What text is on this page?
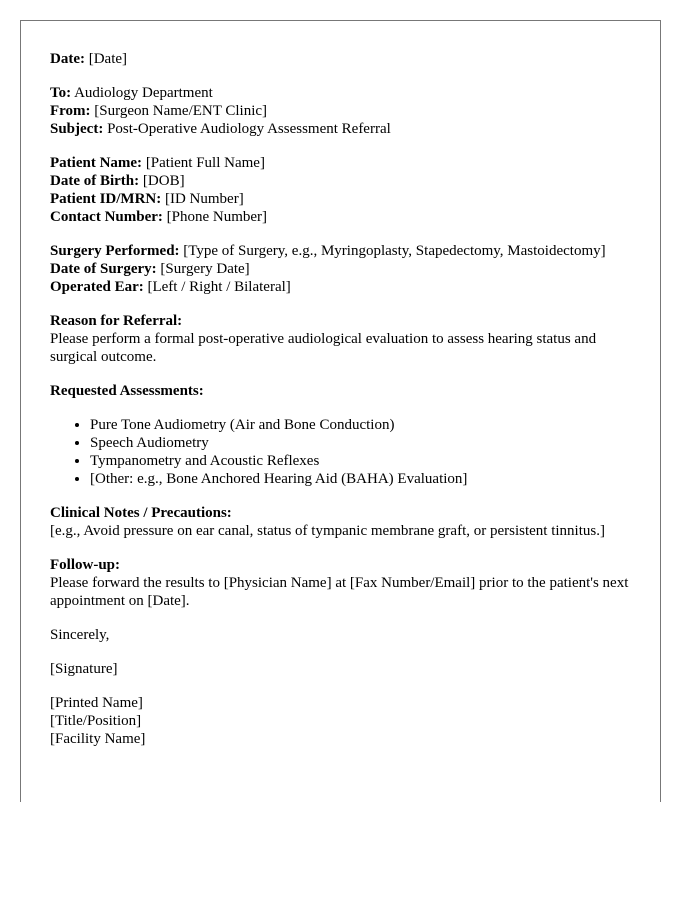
Date: [Date]
To: Audiology Department
From: [Surgeon Name/ENT Clinic]
Subject: Post-Operative Audiology Assessment Referral
Patient Name: [Patient Full Name]
Date of Birth: [DOB]
Patient ID/MRN: [ID Number]
Contact Number: [Phone Number]
Surgery Performed: [Type of Surgery, e.g., Myringoplasty, Stapedectomy, Mastoidectomy]
Date of Surgery: [Surgery Date]
Operated Ear: [Left / Right / Bilateral]
Reason for Referral:
Please perform a formal post-operative audiological evaluation to assess hearing status and surgical outcome.
Requested Assessments:
• Pure Tone Audiometry (Air and Bone Conduction)
• Speech Audiometry
• Tympanometry and Acoustic Reflexes
• [Other: e.g., Bone Anchored Hearing Aid (BAHA) Evaluation]
Clinical Notes / Precautions:
[e.g., Avoid pressure on ear canal, status of tympanic membrane graft, or persistent tinnitus.]
Follow-up:
Please forward the results to [Physician Name] at [Fax Number/Email] prior to the patient's next appointment on [Date].
Sincerely,
[Signature]
[Printed Name]
[Title/Position]
[Facility Name]
